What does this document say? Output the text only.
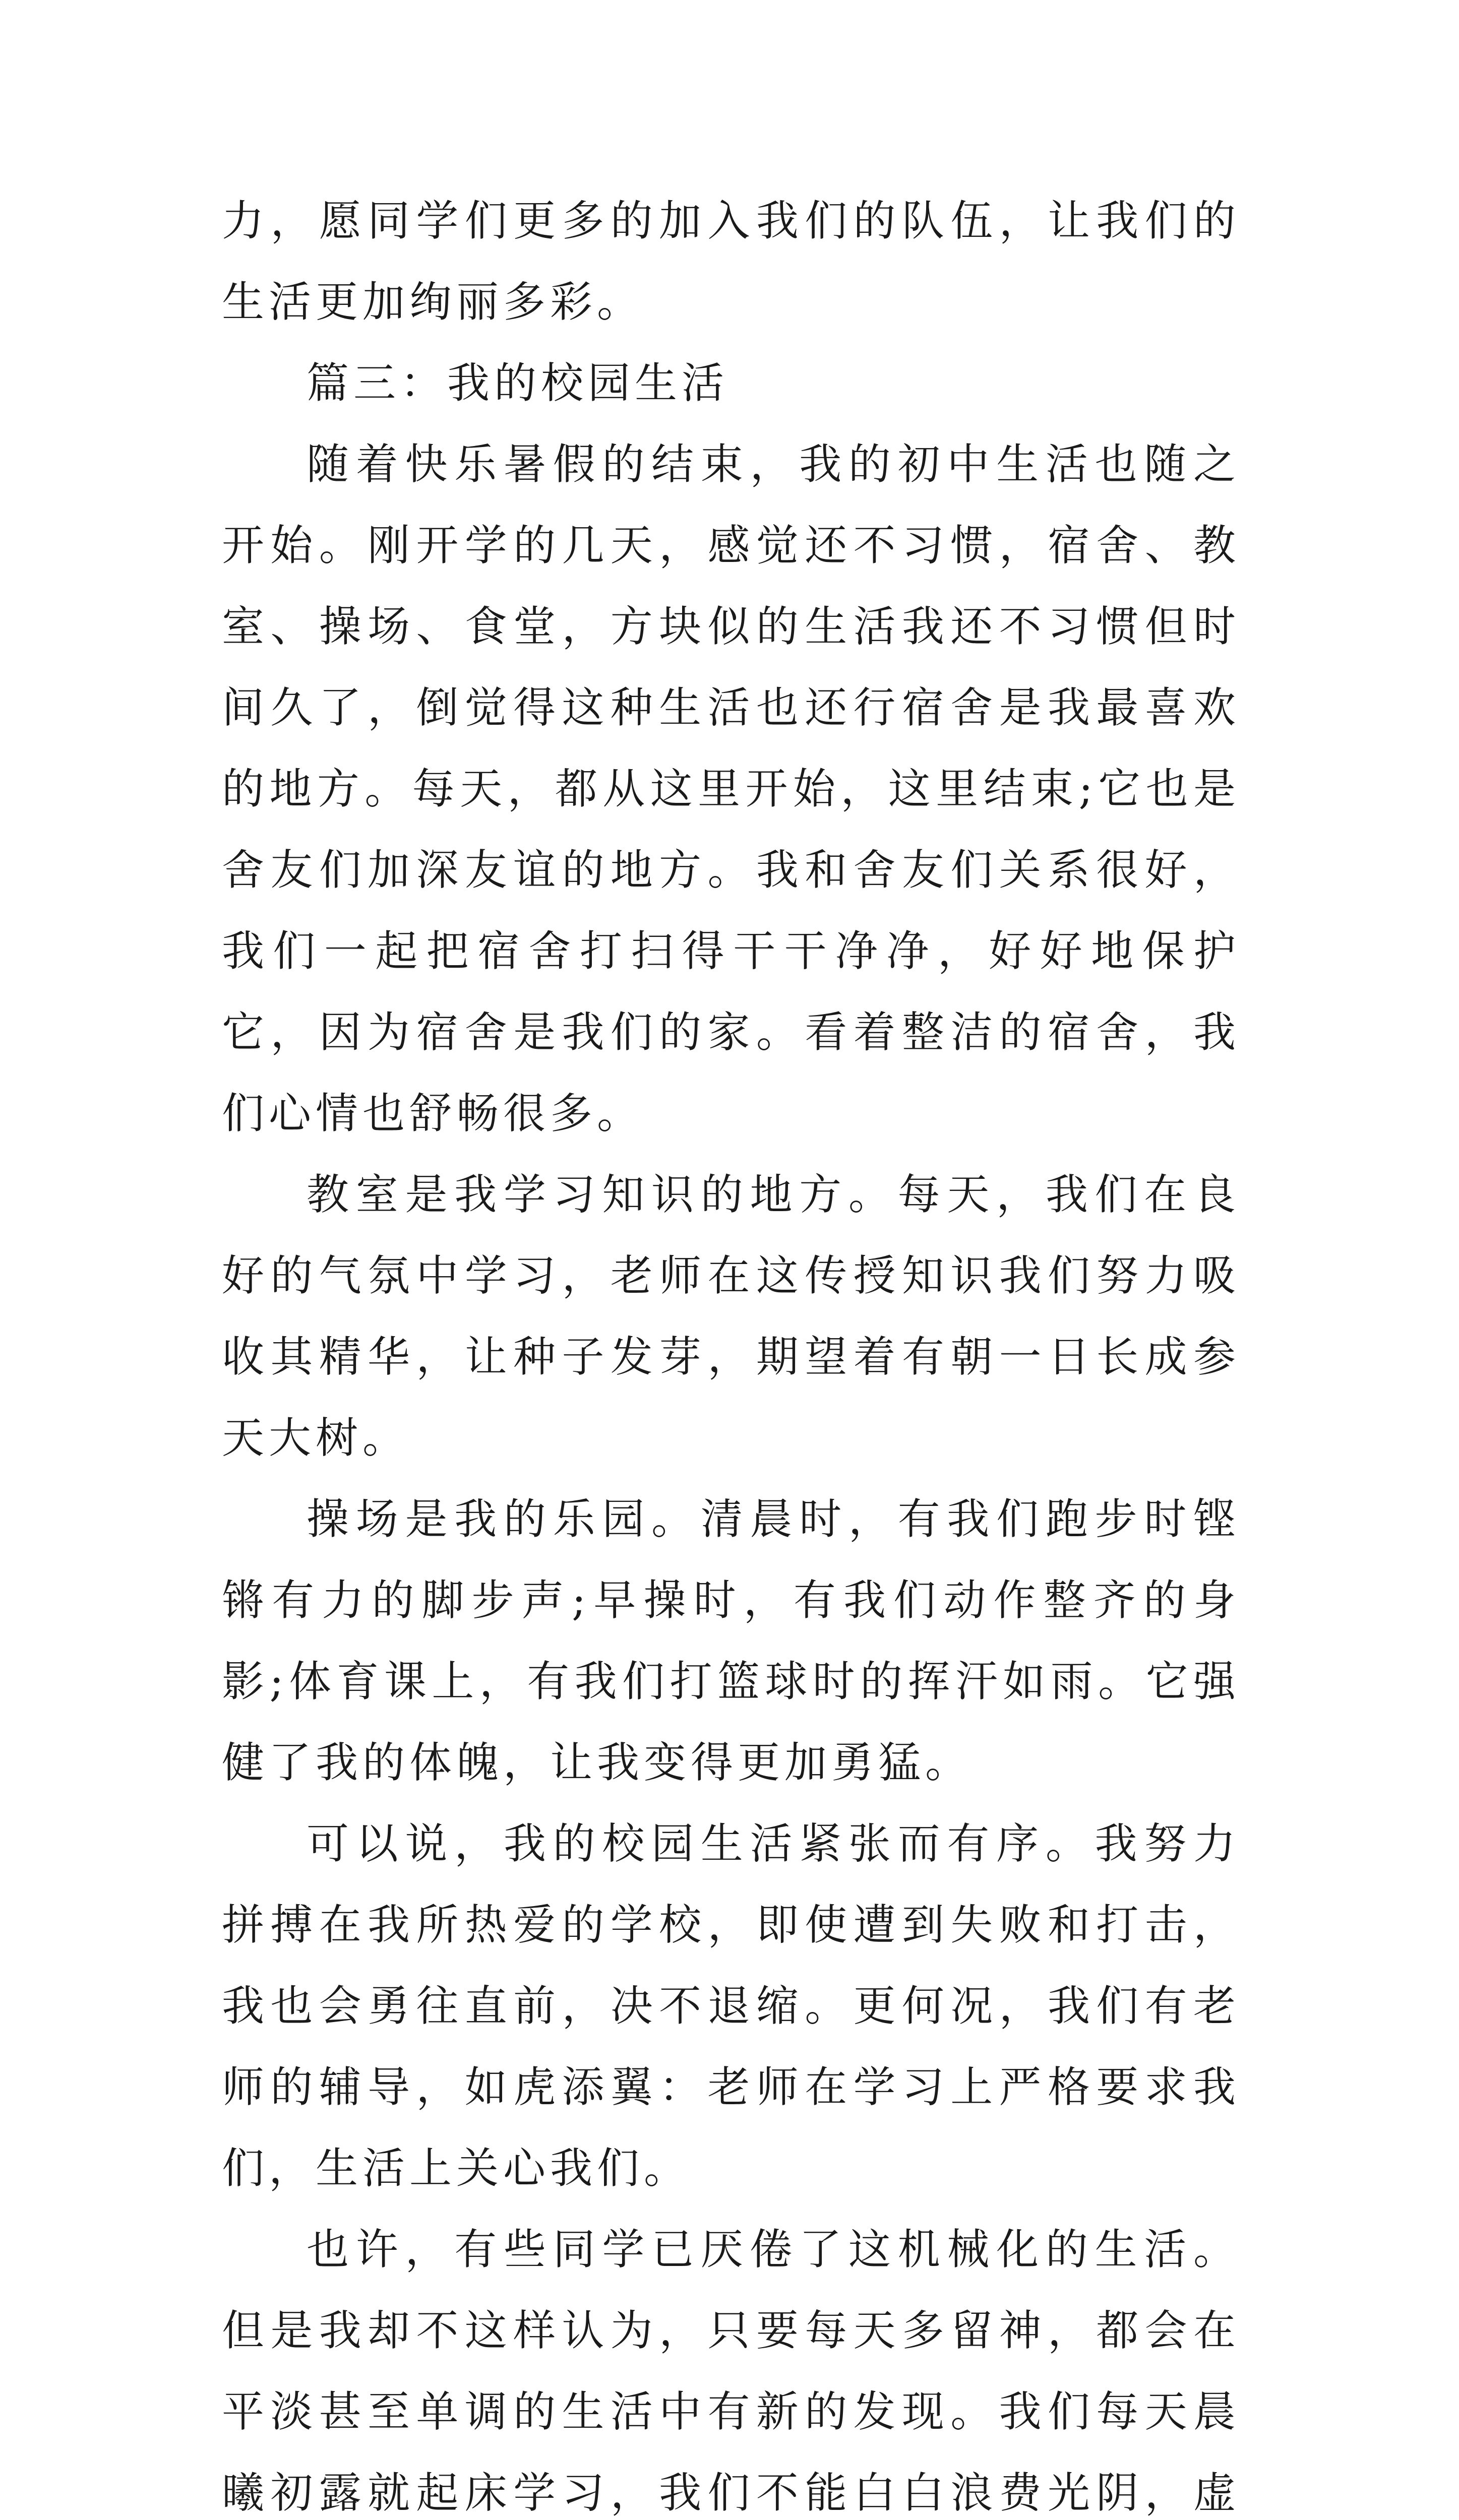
力，愿同学们更多的加入我们的队伍，让我们的生活更加绚丽多彩。

篇三：我的校园生活

随着快乐暑假的结束，我的初中生活也随之开始。刚开学的几天，感觉还不习惯，宿舍、教室、操场、食堂，方块似的生活我还不习惯但时间久了，倒觉得这种生活也还行宿舍是我最喜欢的地方。每天，都从这里开始，这里结束;它也是舍友们加深友谊的地方。我和舍友们关系很好，我们一起把宿舍打扫得干干净净，好好地保护它，因为宿舍是我们的家。看着整洁的宿舍，我们心情也舒畅很多。

教室是我学习知识的地方。每天，我们在良好的气氛中学习，老师在这传授知识我们努力吸收其精华，让种子发芽，期望着有朝一日长成参天大树。

操场是我的乐园。清晨时，有我们跑步时铿锵有力的脚步声;早操时，有我们动作整齐的身影;体育课上，有我们打篮球时的挥汗如雨。它强健了我的体魄，让我变得更加勇猛。

可以说，我的校园生活紧张而有序。我努力拼搏在我所热爱的学校，即使遭到失败和打击，我也会勇往直前，决不退缩。更何况，我们有老师的辅导，如虎添翼：老师在学习上严格要求我们，生活上关心我们。

也许，有些同学已厌倦了这机械化的生活。但是我却不这样认为，只要每天多留神，都会在平淡甚至单调的生活中有新的发现。我们每天晨曦初露就起床学习，我们不能白白浪费光阴，虚
